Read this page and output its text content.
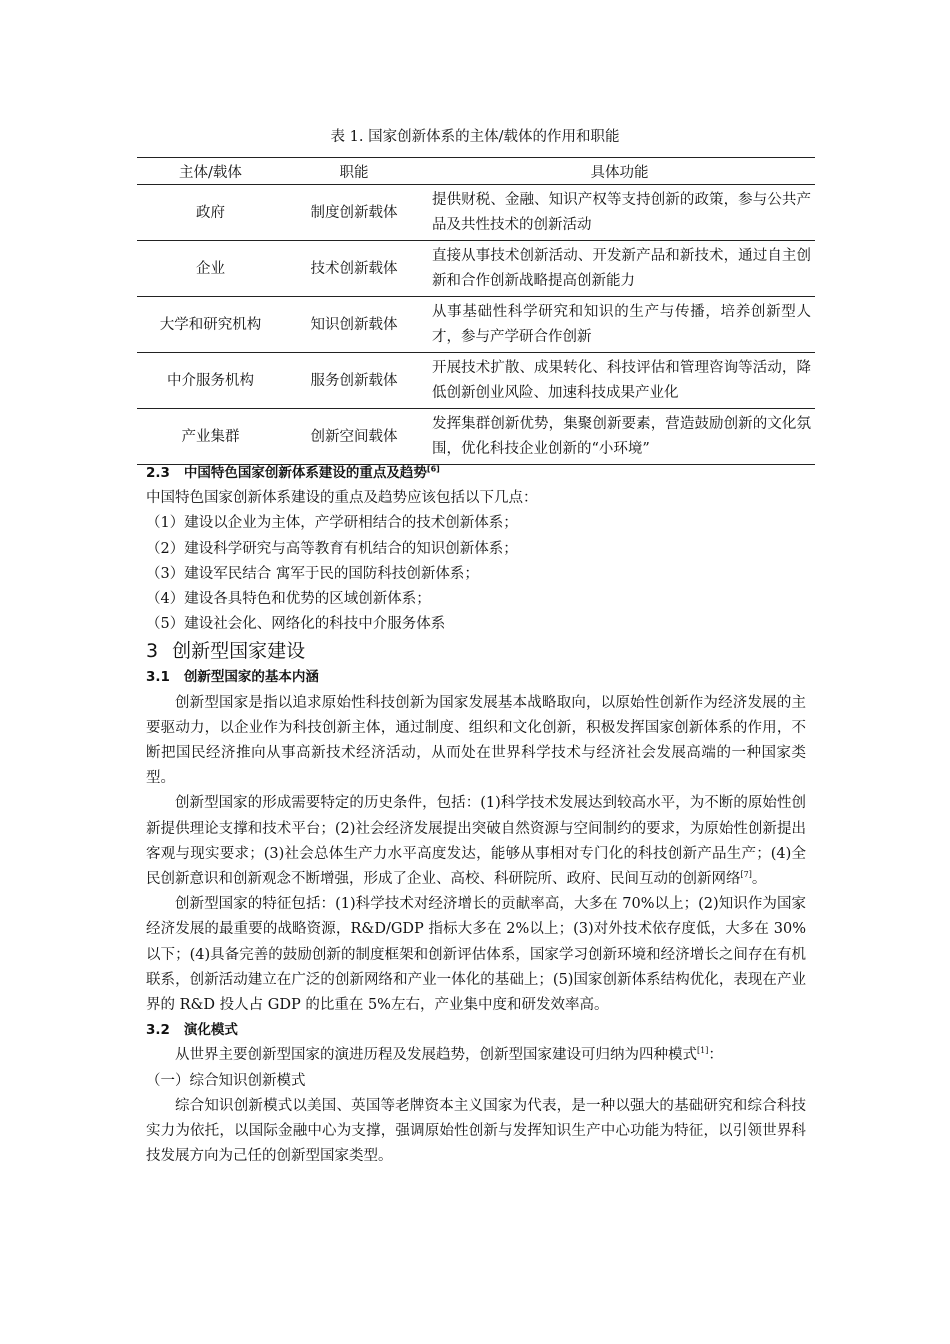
表 1. 国家创新体系的主体/载体的作用和职能
主体/载体	职能	具体功能
政府	制度创新载体	提供财税、金融、知识产权等支持创新的政策，参与公共产品及共性技术的创新活动
企业	技术创新载体	直接从事技术创新活动、开发新产品和新技术，通过自主创新和合作创新战略提高创新能力
大学和研究机构	知识创新载体	从事基础性科学研究和知识的生产与传播，培养创新型人才，参与产学研合作创新
中介服务机构	服务创新载体	开展技术扩散、成果转化、科技评估和管理咨询等活动，降低创新创业风险、加速科技成果产业化
产业集群	创新空间载体	发挥集群创新优势，集聚创新要素，营造鼓励创新的文化氛围，优化科技企业创新的“小环境”

2.3 中国特色国家创新体系建设的重点及趋势[6]

中国特色国家创新体系建设的重点及趋势应该包括以下几点：

（1）建设以企业为主体，产学研相结合的技术创新体系；

（2）建设科学研究与高等教育有机结合的知识创新体系；

（3）建设军民结合 寓军于民的国防科技创新体系；

（4）建设各具特色和优势的区域创新体系；

（5）建设社会化、网络化的科技中介服务体系

3 创新型国家建设

3.1 创新型国家的基本内涵

创新型国家是指以追求原始性科技创新为国家发展基本战略取向，以原始性创新作为经济发展的主要驱动力，以企业作为科技创新主体，通过制度、组织和文化创新，积极发挥国家创新体系的作用，不断把国民经济推向从事高新技术经济活动，从而处在世界科学技术与经济社会发展高端的一种国家类型。

创新型国家的形成需要特定的历史条件，包括：(1)科学技术发展达到较高水平，为不断的原始性创新提供理论支撑和技术平台；(2)社会经济发展提出突破自然资源与空间制约的要求，为原始性创新提出客观与现实要求；(3)社会总体生产力水平高度发达，能够从事相对专门化的科技创新产品生产；(4)全民创新意识和创新观念不断增强，形成了企业、高校、科研院所、政府、民间互动的创新网络[7]。

创新型国家的特征包括：(1)科学技术对经济增长的贡献率高，大多在 70%以上；(2)知识作为国家经济发展的最重要的战略资源，R&D/GDP 指标大多在 2%以上；(3)对外技术依存度低，大多在 30%以下；(4)具备完善的鼓励创新的制度框架和创新评估体系，国家学习创新环境和经济增长之间存在有机联系，创新活动建立在广泛的创新网络和产业一体化的基础上；(5)国家创新体系结构优化，表现在产业界的 R&D 投人占 GDP 的比重在 5%左右，产业集中度和研发效率高。

3.2 演化模式

从世界主要创新型国家的演进历程及发展趋势，创新型国家建设可归纳为四种模式[1]：

（一）综合知识创新模式

综合知识创新模式以美国、英国等老牌资本主义国家为代表，是一种以强大的基础研究和综合科技实力为依托，以国际金融中心为支撑，强调原始性创新与发挥知识生产中心功能为特征，以引领世界科技发展方向为己任的创新型国家类型。
